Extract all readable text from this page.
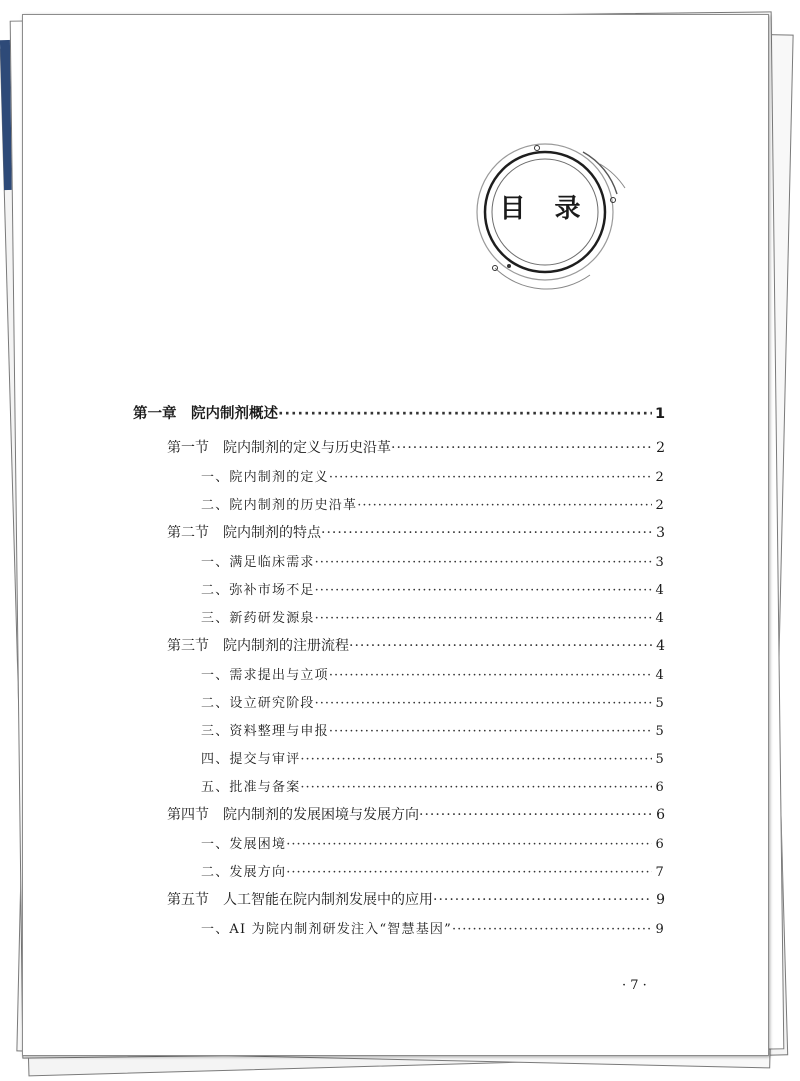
目 录
第一章　院内制剂概述 ·····	1
第一节　院内制剂的定义与历史沿革 ·····	2
一、院内制剂的定义 ·····	2
二、院内制剂的历史沿革 ·····	2
第二节　院内制剂的特点 ·····	3
一、满足临床需求 ·····	3
二、弥补市场不足 ·····	4
三、新药研发源泉 ·····	4
第三节　院内制剂的注册流程 ·····	4
一、需求提出与立项 ·····	4
二、设立研究阶段 ·····	5
三、资料整理与申报 ·····	5
四、提交与审评 ·····	5
五、批准与备案 ·····	6
第四节　院内制剂的发展困境与发展方向 ·····	6
一、发展困境 ·····	6
二、发展方向 ·····	7
第五节　人工智能在院内制剂发展中的应用 ·····	9
一、AI 为院内制剂研发注入“智慧基因” ·····	9
· 7 ·
